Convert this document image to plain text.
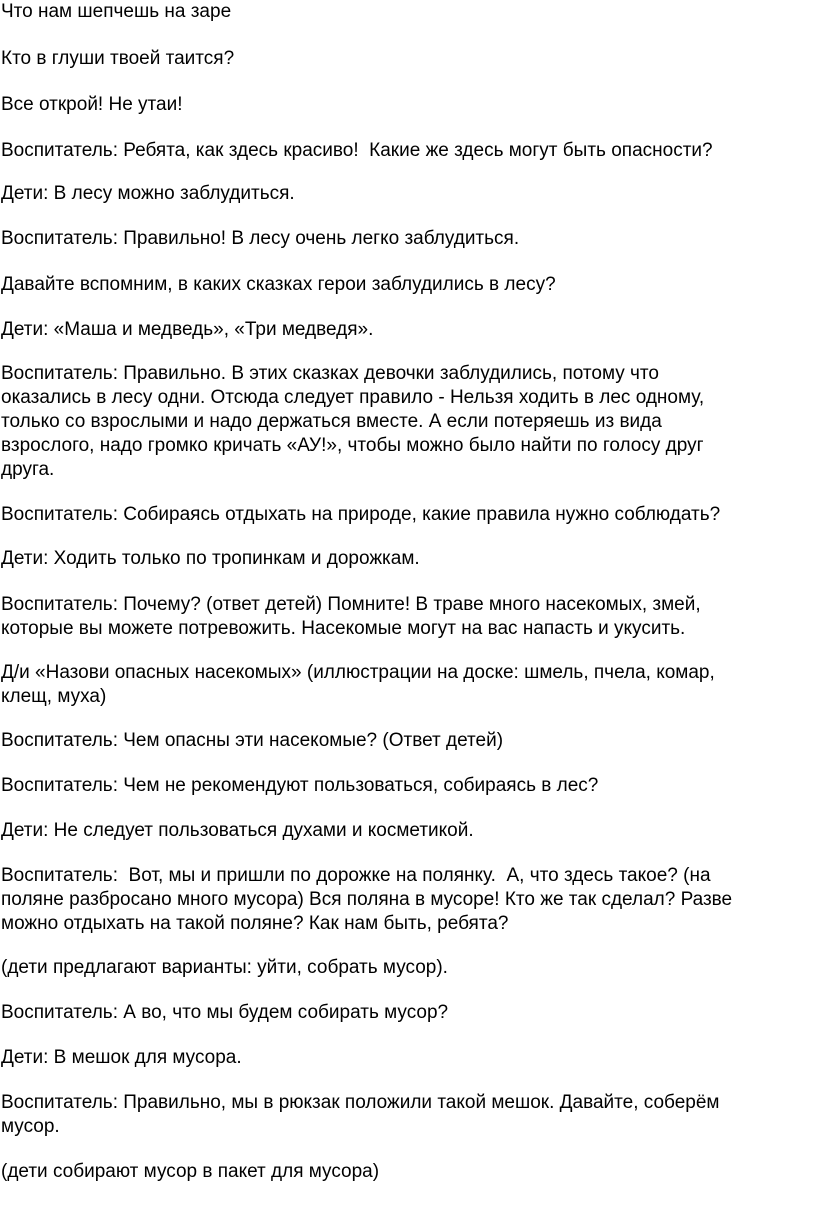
Что нам шепчешь на заре

Кто в глуши твоей таится?

Все открой! Не утаи!

Воспитатель: Ребята, как здесь красиво!  Какие же здесь могут быть опасности?

Дети: В лесу можно заблудиться.

Воспитатель: Правильно! В лесу очень легко заблудиться.

Давайте вспомним, в каких сказках герои заблудились в лесу?

Дети: «Маша и медведь», «Три медведя».

Воспитатель: Правильно. В этих сказках девочки заблудились, потому что
оказались в лесу одни. Отсюда следует правило - Нельзя ходить в лес одному,
только со взрослыми и надо держаться вместе. А если потеряешь из вида
взрослого, надо громко кричать «АУ!», чтобы можно было найти по голосу друг
друга.

Воспитатель: Собираясь отдыхать на природе, какие правила нужно соблюдать?

Дети: Ходить только по тропинкам и дорожкам.

Воспитатель: Почему? (ответ детей) Помните! В траве много насекомых, змей,
которые вы можете потревожить. Насекомые могут на вас напасть и укусить.

Д/и «Назови опасных насекомых» (иллюстрации на доске: шмель, пчела, комар,
клещ, муха)

Воспитатель: Чем опасны эти насекомые? (Ответ детей)

Воспитатель: Чем не рекомендуют пользоваться, собираясь в лес?

Дети: Не следует пользоваться духами и косметикой.

Воспитатель:  Вот, мы и пришли по дорожке на полянку.  А, что здесь такое? (на
поляне разбросано много мусора) Вся поляна в мусоре! Кто же так сделал? Разве
можно отдыхать на такой поляне? Как нам быть, ребята?

(дети предлагают варианты: уйти, собрать мусор).

Воспитатель: А во, что мы будем собирать мусор?

Дети: В мешок для мусора.

Воспитатель: Правильно, мы в рюкзак положили такой мешок. Давайте, соберём
мусор.

(дети собирают мусор в пакет для мусора)
